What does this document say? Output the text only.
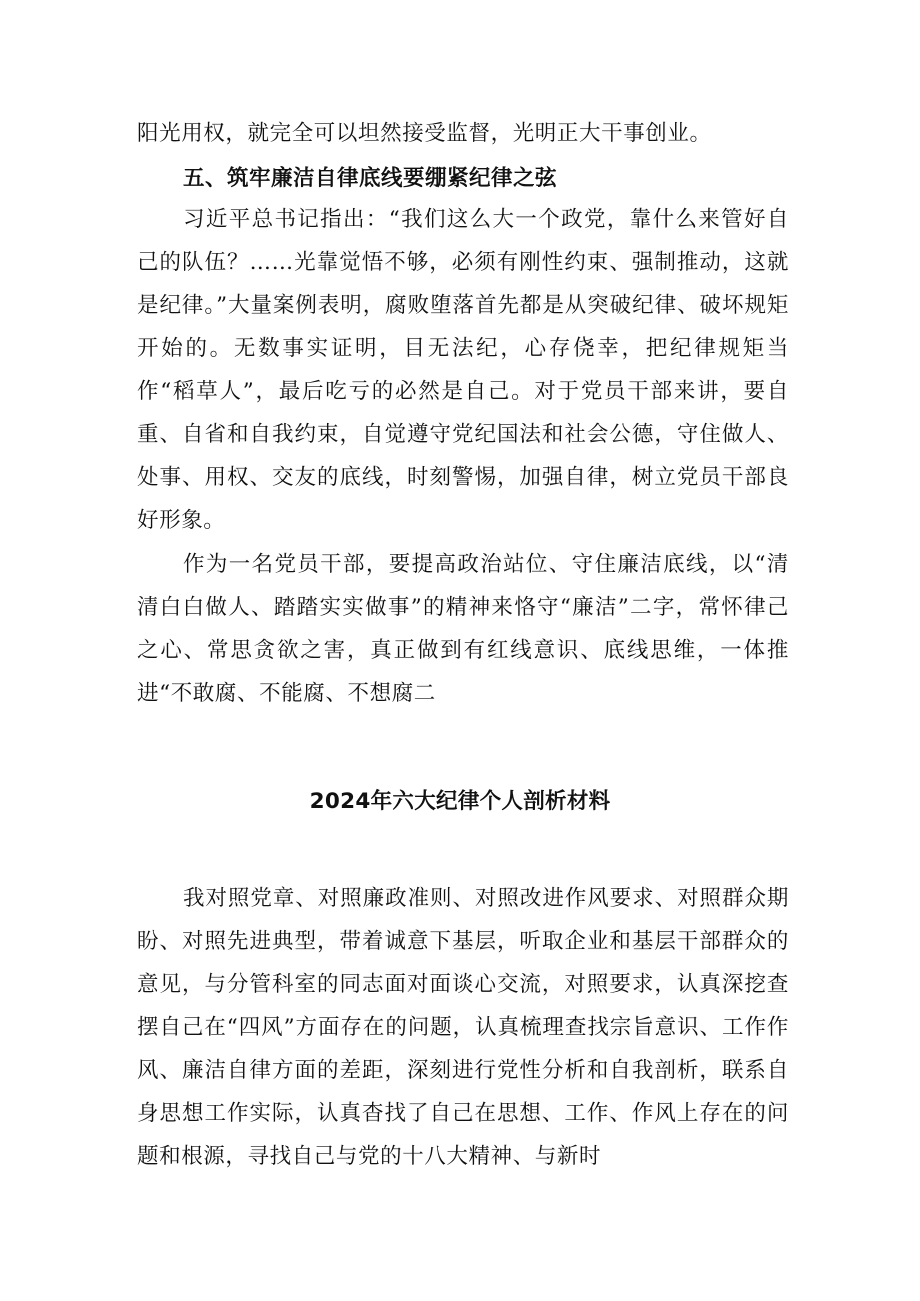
阳光用权，就完全可以坦然接受监督，光明正大干事创业。

五、筑牢廉洁自律底线要绷紧纪律之弦

习近平总书记指出：“我们这么大一个政党，靠什么来管好自己的队伍？……光靠觉悟不够，必须有刚性约束、强制推动，这就是纪律。”大量案例表明，腐败堕落首先都是从突破纪律、破坏规矩开始的。无数事实证明，目无法纪，心存侥幸，把纪律规矩当作“稻草人”，最后吃亏的必然是自己。对于党员干部来讲，要自重、自省和自我约束，自觉遵守党纪国法和社会公德，守住做人、处事、用权、交友的底线，时刻警惕，加强自律，树立党员干部良好形象。

作为一名党员干部，要提高政治站位、守住廉洁底线，以“清清白白做人、踏踏实实做事”的精神来恪守“廉洁”二字，常怀律己之心、常思贪欲之害，真正做到有红线意识、底线思维，一体推进“不敢腐、不能腐、不想腐二

2024年六大纪律个人剖析材料

我对照党章、对照廉政准则、对照改进作风要求、对照群众期盼、对照先进典型，带着诚意下基层，听取企业和基层干部群众的意见，与分管科室的同志面对面谈心交流，对照要求，认真深挖查摆自己在“四风”方面存在的问题，认真梳理查找宗旨意识、工作作风、廉洁自律方面的差距，深刻进行党性分析和自我剖析，联系自身思想工作实际，认真杳找了自己在思想、工作、作风上存在的问题和根源，寻找自己与党的十八大精神、与新时
